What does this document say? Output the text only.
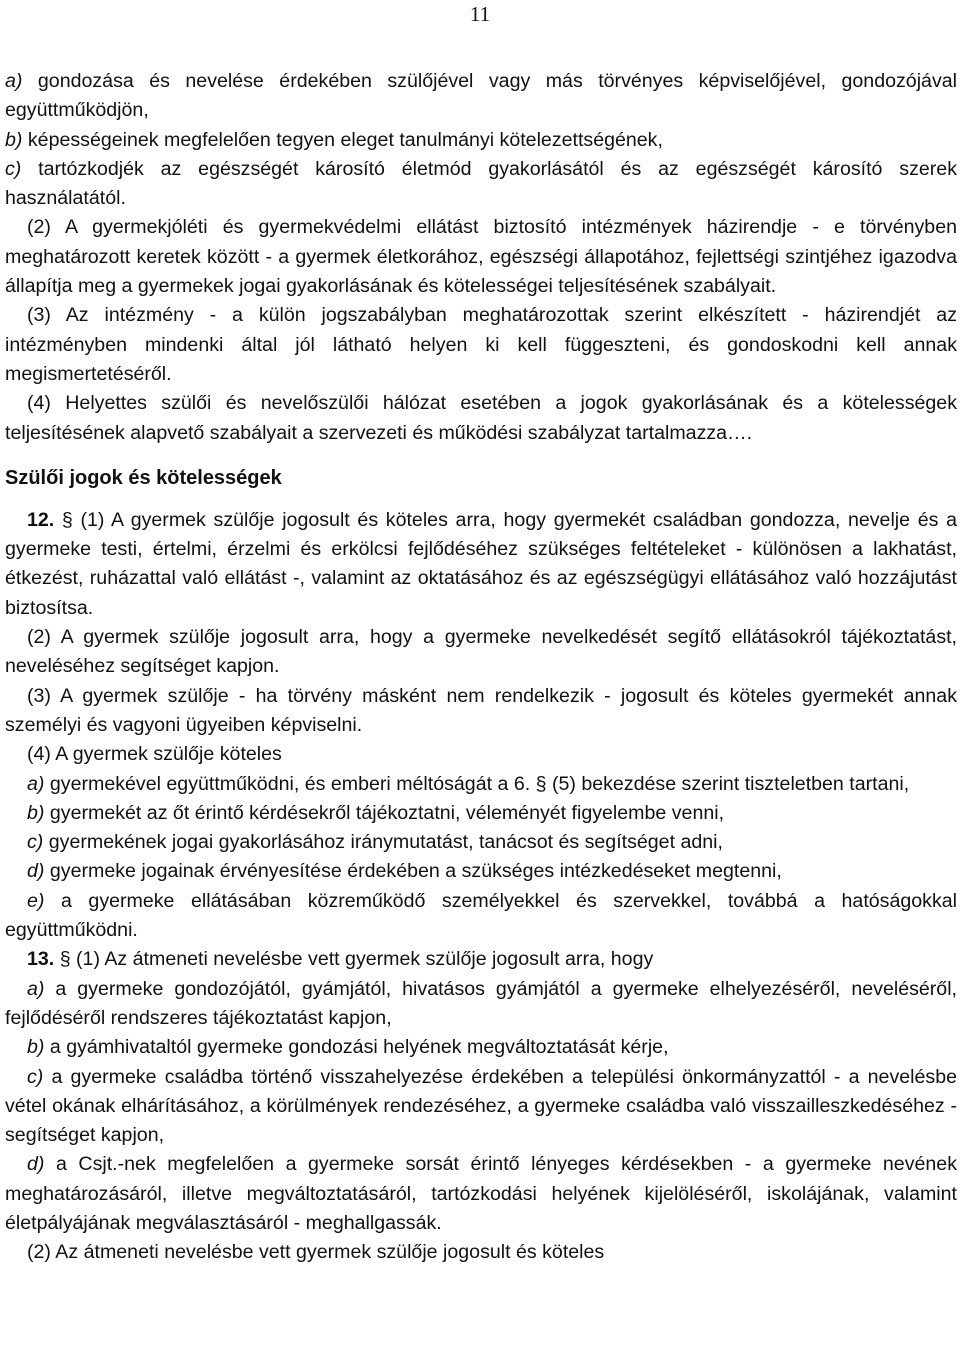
11

a) gondozása és nevelése érdekében szülőjével vagy más törvényes képviselőjével, gondozójával együttműködjön,

b) képességeinek megfelelően tegyen eleget tanulmányi kötelezettségének,

c) tartózkodjék az egészségét károsító életmód gyakorlásától és az egészségét károsító szerek használatától.

(2) A gyermekjóléti és gyermekvédelmi ellátást biztosító intézmények házirendje - e törvényben meghatározott keretek között - a gyermek életkorához, egészségi állapotához, fejlettségi szintjéhez igazodva állapítja meg a gyermekek jogai gyakorlásának és kötelességei teljesítésének szabályait.

(3) Az intézmény - a külön jogszabályban meghatározottak szerint elkészített - házirendjét az intézményben mindenki által jól látható helyen ki kell függeszteni, és gondoskodni kell annak megismertetéséről.

(4) Helyettes szülői és nevelőszülői hálózat esetében a jogok gyakorlásának és a kötelességek teljesítésének alapvető szabályait a szervezeti és működési szabályzat tartalmazza….

Szülői jogok és kötelességek

12. § (1) A gyermek szülője jogosult és köteles arra, hogy gyermekét családban gondozza, nevelje és a gyermeke testi, értelmi, érzelmi és erkölcsi fejlődéséhez szükséges feltételeket - különösen a lakhatást, étkezést, ruházattal való ellátást -, valamint az oktatásához és az egészségügyi ellátásához való hozzájutást biztosítsa.

(2) A gyermek szülője jogosult arra, hogy a gyermeke nevelkedését segítő ellátásokról tájékoztatást, neveléséhez segítséget kapjon.

(3) A gyermek szülője - ha törvény másként nem rendelkezik - jogosult és köteles gyermekét annak személyi és vagyoni ügyeiben képviselni.

(4) A gyermek szülője köteles

a) gyermekével együttműködni, és emberi méltóságát a 6. § (5) bekezdése szerint tiszteletben tartani,

b) gyermekét az őt érintő kérdésekről tájékoztatni, véleményét figyelembe venni,

c) gyermekének jogai gyakorlásához iránymutatást, tanácsot és segítséget adni,

d) gyermeke jogainak érvényesítése érdekében a szükséges intézkedéseket megtenni,

e) a gyermeke ellátásában közreműködő személyekkel és szervekkel, továbbá a hatóságokkal együttműködni.

13. § (1) Az átmeneti nevelésbe vett gyermek szülője jogosult arra, hogy

a) a gyermeke gondozójától, gyámjától, hivatásos gyámjától a gyermeke elhelyezéséről, neveléséről, fejlődéséről rendszeres tájékoztatást kapjon,

b) a gyámhivataltól gyermeke gondozási helyének megváltoztatását kérje,

c) a gyermeke családba történő visszahelyezése érdekében a települési önkormányzattól - a nevelésbe vétel okának elhárításához, a körülmények rendezéséhez, a gyermeke családba való visszailleszkedéséhez - segítséget kapjon,

d) a Csjt.-nek megfelelően a gyermeke sorsát érintő lényeges kérdésekben - a gyermeke nevének meghatározásáról, illetve megváltoztatásáról, tartózkodási helyének kijelöléséről, iskolájának, valamint életpályájának megválasztásáról - meghallgassák.

(2) Az átmeneti nevelésbe vett gyermek szülője jogosult és köteles
